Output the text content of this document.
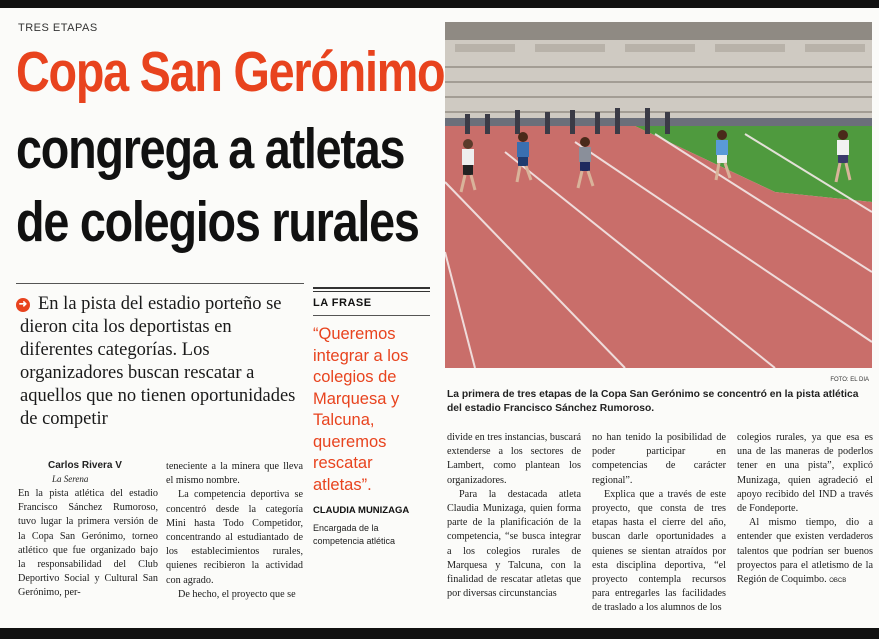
TRES ETAPAS
Copa San Gerónimo
congrega a atletas
de colegios rurales
➜ En la pista del estadio porteño se dieron cita los deportistas en diferentes categorías. Los organizadores buscan rescatar a aquellos que no tienen oportunidades de competir
LA FRASE
“Queremos integrar a los colegios de Marquesa y Talcuna, queremos rescatar atletas”.
CLAUDIA MUNIZAGA
Encargada de la competencia atlética
Carlos Rivera V
La Serena

En la pista atlética del estadio Francisco Sánchez Rumoroso, tuvo lugar la primera versión de la Copa San Gerónimo, torneo atlético que fue organizado bajo la responsabilidad del Club Deportivo Social y Cultural San Gerónimo, per-

teneciente a la minera que lleva el mismo nombre.

La competencia deportiva se concentró desde la categoría Mini hasta Todo Competidor, concentrando al estudiantado de los establecimientos rurales, quienes recibieron la actividad con agrado.

De hecho, el proyecto que se

divide en tres instancias, buscará extenderse a los sectores de Lambert, como plantean los organizadores.

Para la destacada atleta Claudia Munizaga, quien forma parte de la planificación de la competencia, “se busca integrar a los colegios rurales de Marquesa y Talcuna, con la finalidad de rescatar atletas que por diversas circunstancias

no han tenido la posibilidad de poder participar en competencias de carácter regional”.

Explica que a través de este proyecto, que consta de tres etapas hasta el cierre del año, buscan darle oportunidades a quienes se sientan atraídos por esta disciplina deportiva, “el proyecto contempla recursos para entregarles las facilidades de traslado a los alumnos de los

colegios rurales, ya que esa es una de las maneras de poderlos tener en una pista”, explicó Munizaga, quien agradeció el apoyo recibido del IND a través de Fondeporte.

Al mismo tiempo, dio a entender que existen verdaderos talentos que podrían ser buenos proyectos para el atletismo de la Región de Coquimbo. OBCB

FOTO: EL DIA
La primera de tres etapas de la Copa San Gerónimo se concentró en la pista atlética del estadio Francisco Sánchez Rumoroso.
